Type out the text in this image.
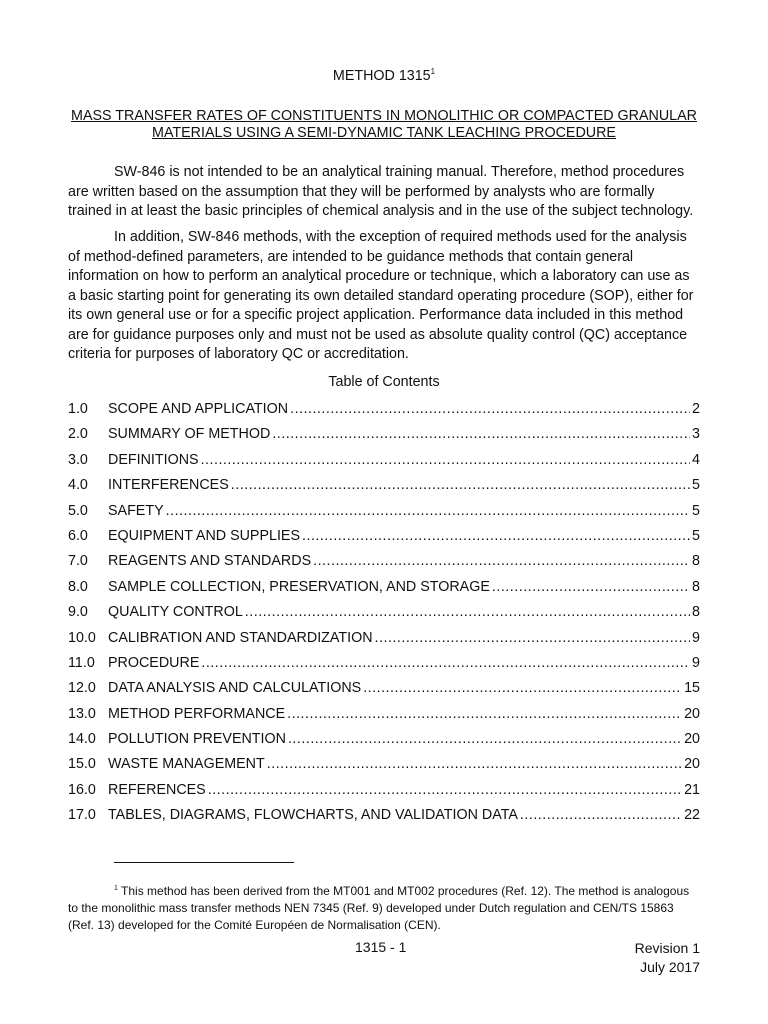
METHOD 1315$^1$
MASS TRANSFER RATES OF CONSTITUENTS IN MONOLITHIC OR COMPACTED GRANULAR
MATERIALS USING A SEMI-DYNAMIC TANK LEACHING PROCEDURE

SW-846 is not intended to be an analytical training manual. Therefore, method procedures are written based on the assumption that they will be performed by analysts who are formally trained in at least the basic principles of chemical analysis and in the use of the subject technology.

In addition, SW-846 methods, with the exception of required methods used for the analysis of method-defined parameters, are intended to be guidance methods that contain general information on how to perform an analytical procedure or technique, which a laboratory can use as a basic starting point for generating its own detailed standard operating procedure (SOP), either for its own general use or for a specific project application. Performance data included in this method are for guidance purposes only and must not be used as absolute quality control (QC) acceptance criteria for purposes of laboratory QC or accreditation.

Table of Contents
1.0	SCOPE AND APPLICATION .....	2
2.0	SUMMARY OF METHOD .....	3
3.0	DEFINITIONS .....	4
4.0	INTERFERENCES .....	5
5.0	SAFETY .....	5
6.0	EQUIPMENT AND SUPPLIES .....	5
7.0	REAGENTS AND STANDARDS .....	8
8.0	SAMPLE COLLECTION, PRESERVATION, AND STORAGE .....	8
9.0	QUALITY CONTROL .....	8
10.0 CALIBRATION AND STANDARDIZATION .....	9
11.0 PROCEDURE .....	9
12.0 DATA ANALYSIS AND CALCULATIONS .....	15
13.0 METHOD PERFORMANCE .....	20
14.0 POLLUTION PREVENTION .....	20
15.0 WASTE MANAGEMENT .....	20
16.0 REFERENCES .....	21
17.0 TABLES, DIAGRAMS, FLOWCHARTS, AND VALIDATION DATA .....	22

$^1$ This method has been derived from the MT001 and MT002 procedures (Ref. 12). The method is analogous to the monolithic mass transfer methods NEN 7345 (Ref. 9) developed under Dutch regulation and CEN/TS 15863 (Ref. 13) developed for the Comité Européen de Normalisation (CEN).

1315 - 1	Revision 1
July 2017
